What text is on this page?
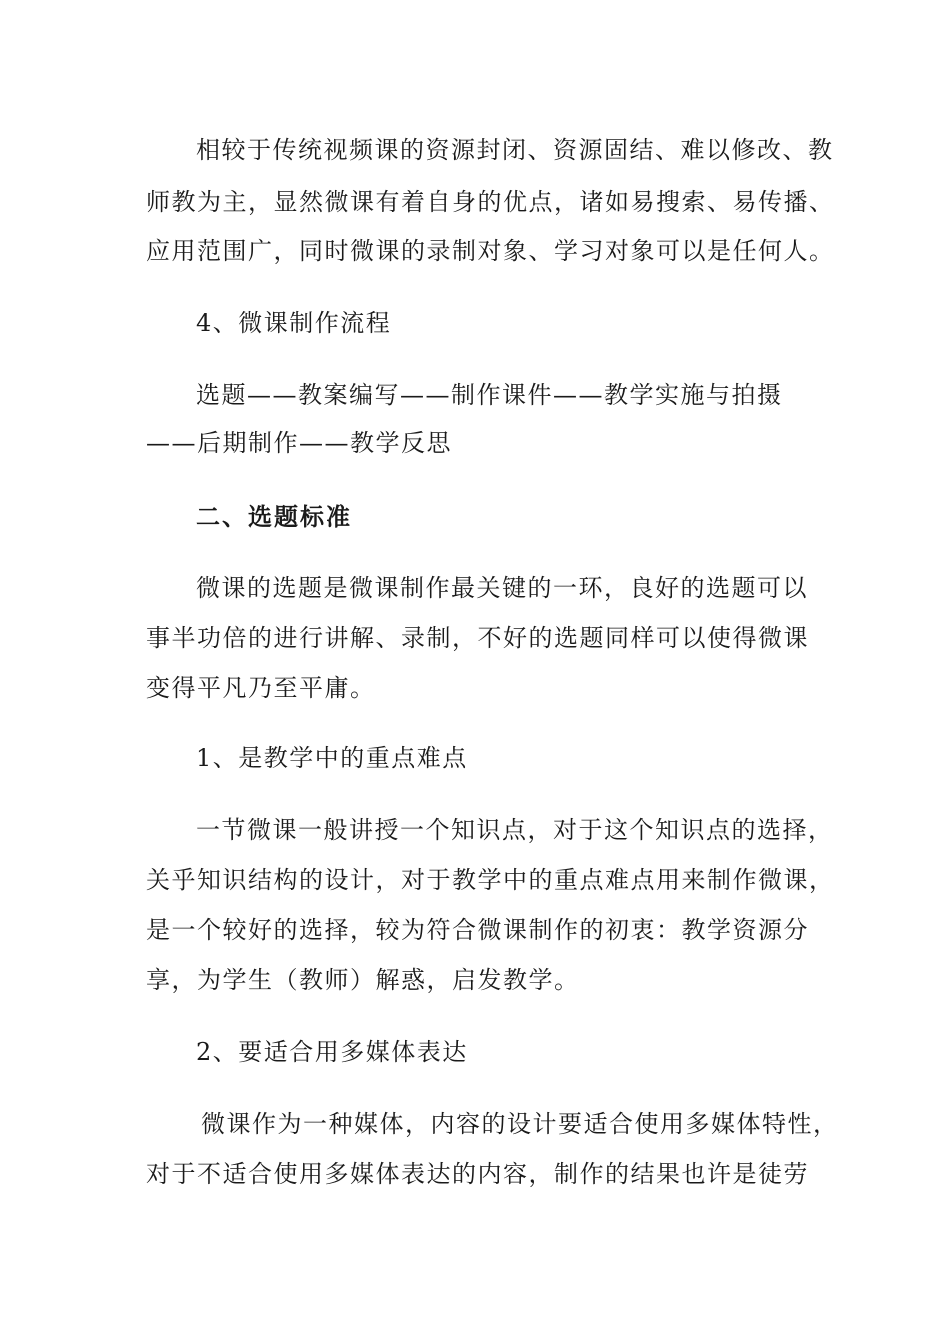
相较于传统视频课的资源封闭、资源固结、难以修改、教
师教为主，显然微课有着自身的优点，诸如易搜索、易传播、
应用范围广，同时微课的录制对象、学习对象可以是任何人。
4、微课制作流程
选题——教案编写——制作课件——教学实施与拍摄
——后期制作——教学反思
二、选题标准
微课的选题是微课制作最关键的一环，良好的选题可以
事半功倍的进行讲解、录制，不好的选题同样可以使得微课
变得平凡乃至平庸。
1、是教学中的重点难点
一节微课一般讲授一个知识点，对于这个知识点的选择，
关乎知识结构的设计，对于教学中的重点难点用来制作微课，
是一个较好的选择，较为符合微课制作的初衷：教学资源分
享，为学生（教师）解惑，启发教学。
2、要适合用多媒体表达
微课作为一种媒体，内容的设计要适合使用多媒体特性，
对于不适合使用多媒体表达的内容，制作的结果也许是徒劳
